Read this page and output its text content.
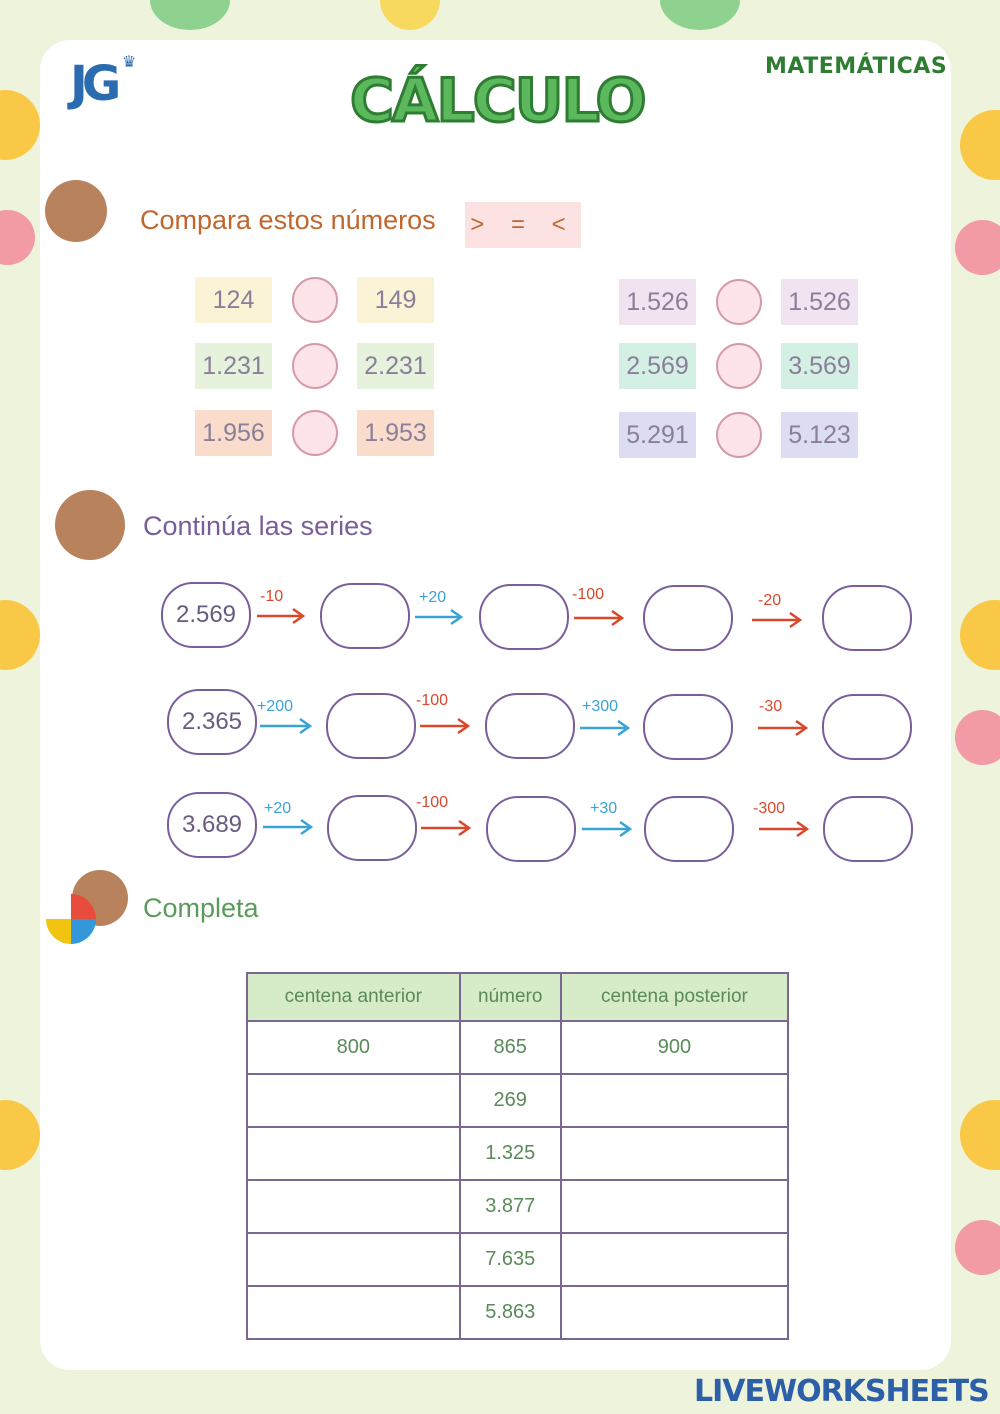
JG ♛
CÁLCULO	MATEMÁTICAS
Compara estos números > = <
124	149
1.231	2.231
1.956	1.953
1.526	1.526
2.569	3.569
5.291	5.123
Continúa las series
2.569
-10	+20	-100	-20
2.365
+200	-100	+300	-30
3.689
+20	-100	+30	-300
Completa
centena anterior	número	centena posterior
800	865	900
	269	
	1.325	
	3.877	
	7.635	
	5.863	
LIVEWORKSHEETS
